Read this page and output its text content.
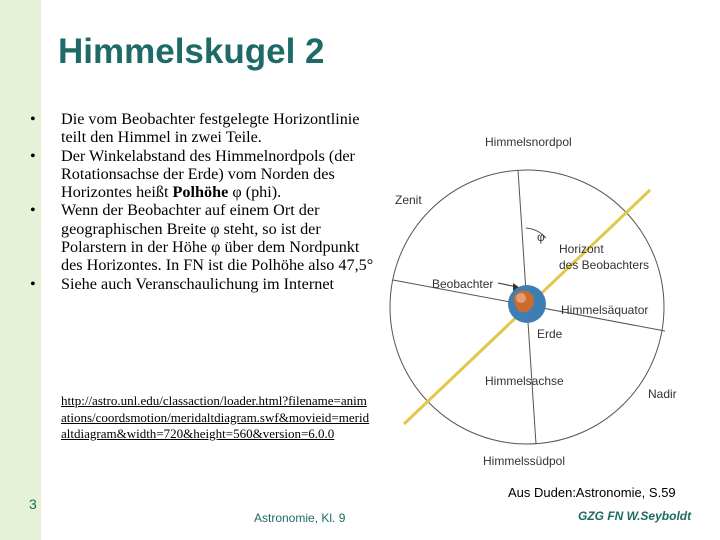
Himmelskugel 2
• Die vom Beobachter festgelegte Horizontlinie teilt den Himmel in zwei Teile.
• Der Winkelabstand des Himmelnordpols (der Rotationsachse der Erde) vom Norden des Horizontes heißt Polhöhe φ (phi).
• Wenn der Beobachter auf einem Ort der geographischen Breite φ steht, so ist der Polarstern in der Höhe φ über dem Nordpunkt des Horizontes. In FN ist die Polhöhe also 47,5°
• Siehe auch Veranschaulichung im Internet
http://astro.unl.edu/classaction/loader.html?filename=animations/coordsmotion/meridaltdiagram.swf&movieid=meridaltdiagram&width=720&height=560&version=6.0.0
Himmelsnordpol
Zenit
φ
Horizont
des Beobachters
Beobachter
Himmelsäquator
Erde
Himmelsachse
Nadir
Himmelssüdpol
Aus Duden:Astronomie, S.59
3
Astronomie, Kl. 9	GZG FN W.Seyboldt
